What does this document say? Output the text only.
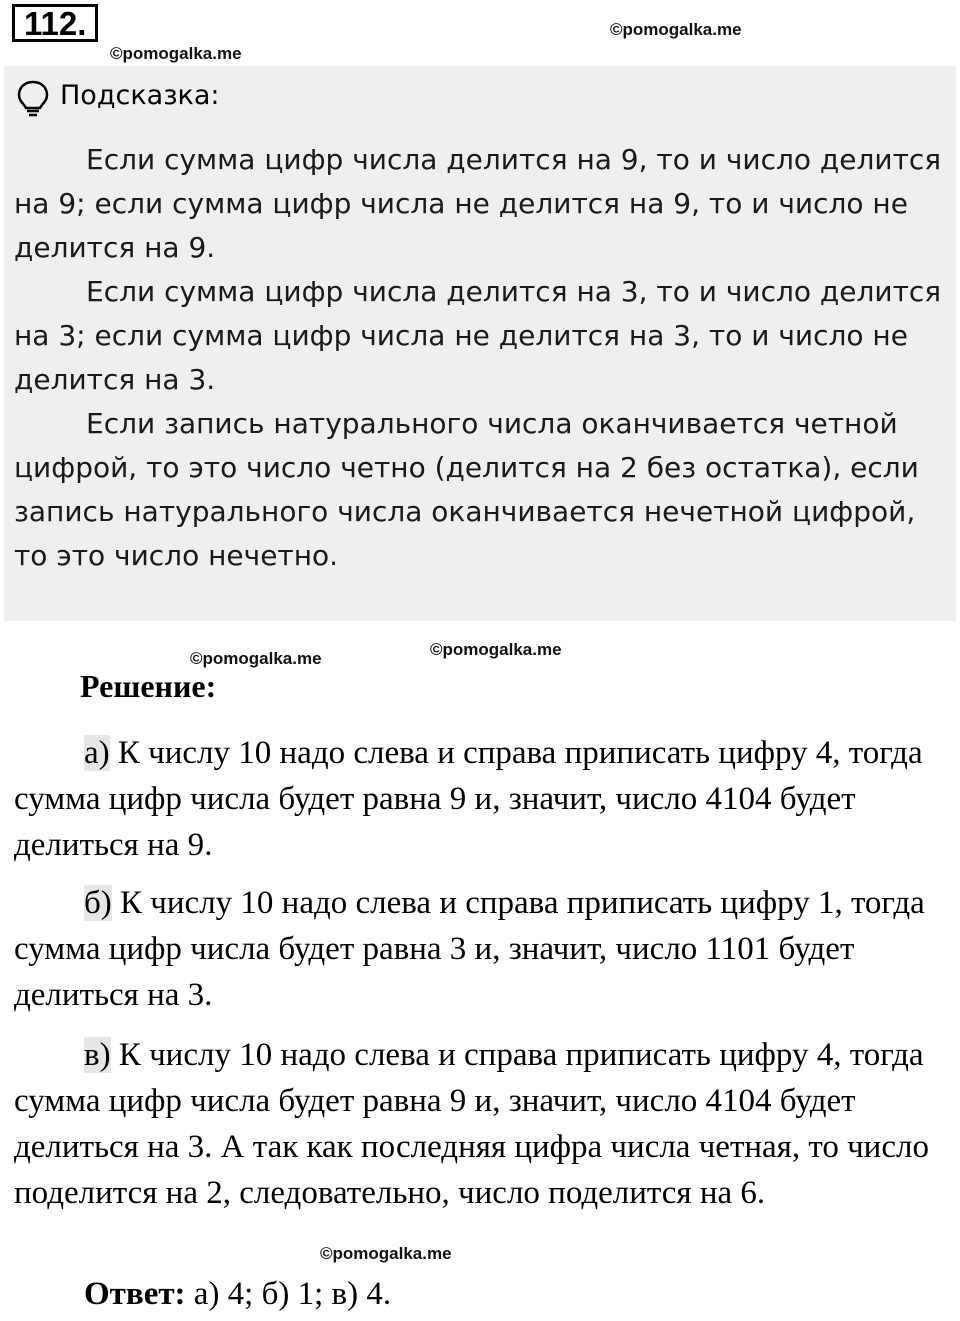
112.
©pomogalka.me
©pomogalka.me
Подсказка:

Если сумма цифр числа делится на 9, то и число делится на 9; если сумма цифр числа не делится на 9, то и число не делится на 9.

Если сумма цифр числа делится на 3, то и число делится на 3; если сумма цифр числа не делится на 3, то и число не делится на 3.

Если запись натурального числа оканчивается четной цифрой, то это число четно (делится на 2 без остатка), если запись натурального числа оканчивается нечетной цифрой, то это число нечетно.

©pomogalka.me	©pomogalka.me
Решение:

а) К числу 10 надо слева и справа приписать цифру 4, тогда сумма цифр числа будет равна 9 и, значит, число 4104 будет делиться на 9.

б) К числу 10 надо слева и справа приписать цифру 1, тогда сумма цифр числа будет равна 3 и, значит, число 1101 будет делиться на 3.

в) К числу 10 надо слева и справа приписать цифру 4, тогда сумма цифр числа будет равна 9 и, значит, число 4104 будет делиться на 3. А так как последняя цифра числа четная, то число поделится на 2, следовательно, число поделится на 6.

©pomogalka.me
Ответ: а) 4; б) 1; в) 4.
